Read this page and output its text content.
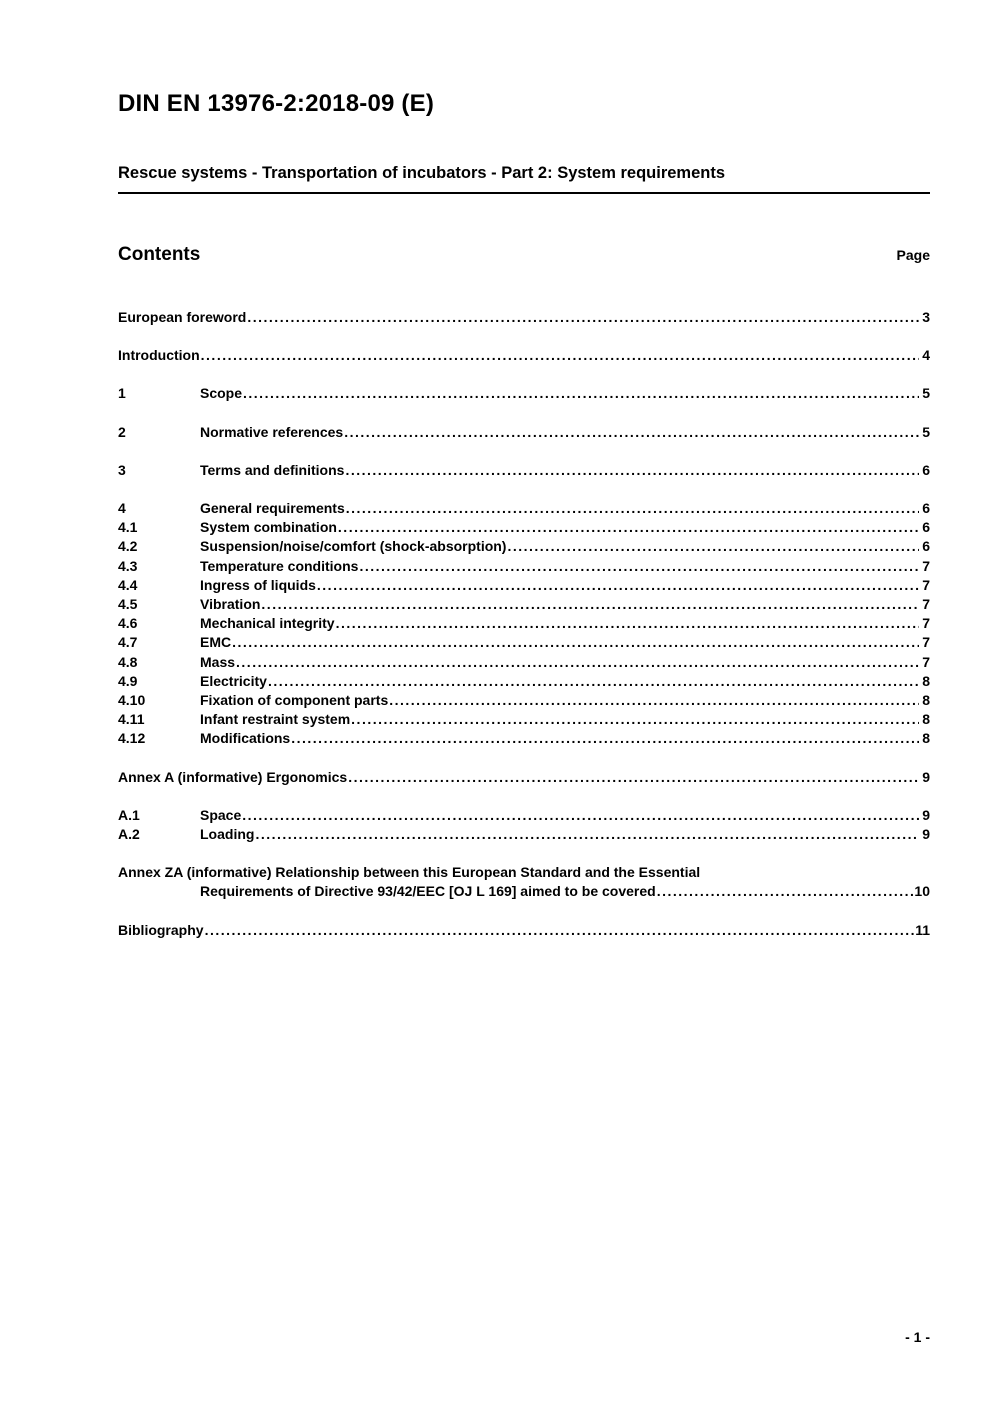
DIN EN 13976-2:2018-09 (E)
Rescue systems - Transportation of incubators - Part 2: System requirements
Contents	Page
European foreword .....	3
Introduction .....	4
1	Scope .....	5
2	Normative references .....	5
3	Terms and definitions .....	6
4	General requirements .....	6
4.1	System combination .....	6
4.2	Suspension/noise/comfort (shock-absorption) .....	6
4.3	Temperature conditions .....	7
4.4	Ingress of liquids .....	7
4.5	Vibration .....	7
4.6	Mechanical integrity .....	7
4.7	EMC .....	7
4.8	Mass .....	7
4.9	Electricity .....	8
4.10	Fixation of component parts .....	8
4.11	Infant restraint system .....	8
4.12	Modifications .....	8
Annex A (informative) Ergonomics .....	9
A.1	Space .....	9
A.2	Loading .....	9
Annex ZA (informative) Relationship between this European Standard and the Essential
Requirements of Directive 93/42/EEC [OJ L 169] aimed to be covered .....	10
Bibliography .....	11
- 1 -
